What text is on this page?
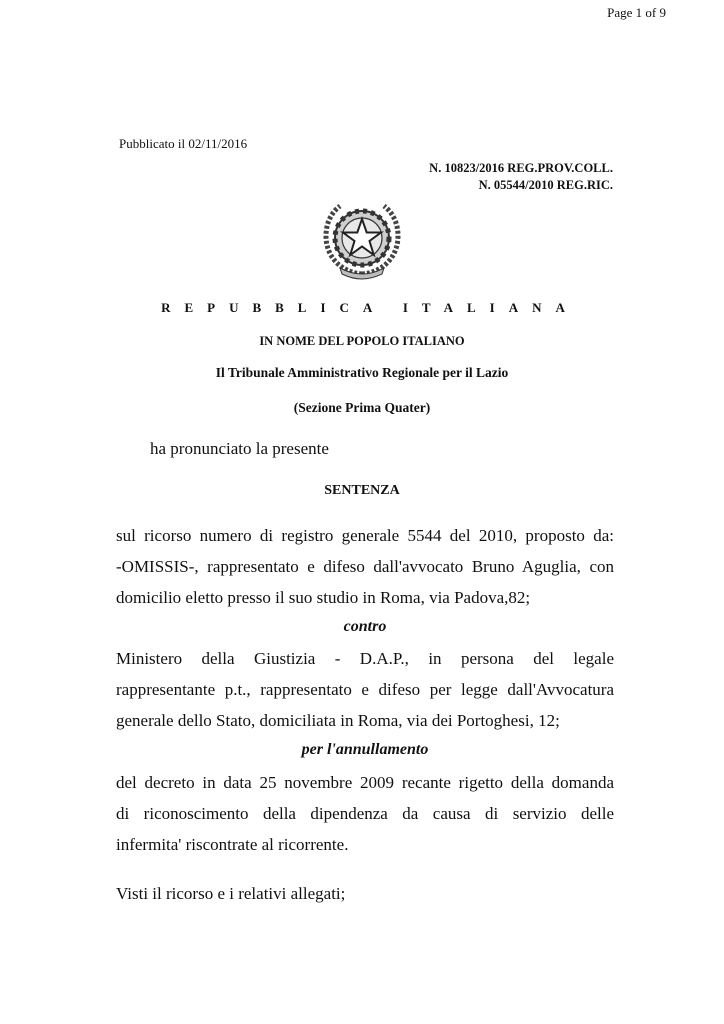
Page 1 of 9
Pubblicato il 02/11/2016
N. 10823/2016 REG.PROV.COLL.
N. 05544/2010 REG.RIC.
REPUBBLICA ITALIANA
IN NOME DEL POPOLO ITALIANO
Il Tribunale Amministrativo Regionale per il Lazio
(Sezione Prima Quater)
ha pronunciato la presente
SENTENZA

sul ricorso numero di registro generale 5544 del 2010, proposto da:

-OMISSIS-, rappresentato e difeso dall'avvocato Bruno Aguglia, con

domicilio eletto presso il suo studio in Roma, via Padova,82;

contro

Ministero della Giustizia - D.A.P., in persona del legale

rappresentante p.t., rappresentato e difeso per legge dall'Avvocatura

generale dello Stato, domiciliata in Roma, via dei Portoghesi, 12;

per l'annullamento

del decreto in data 25 novembre 2009 recante rigetto della domanda

di riconoscimento della dipendenza da causa di servizio delle

infermita' riscontrate al ricorrente.

Visti il ricorso e i relativi allegati;
